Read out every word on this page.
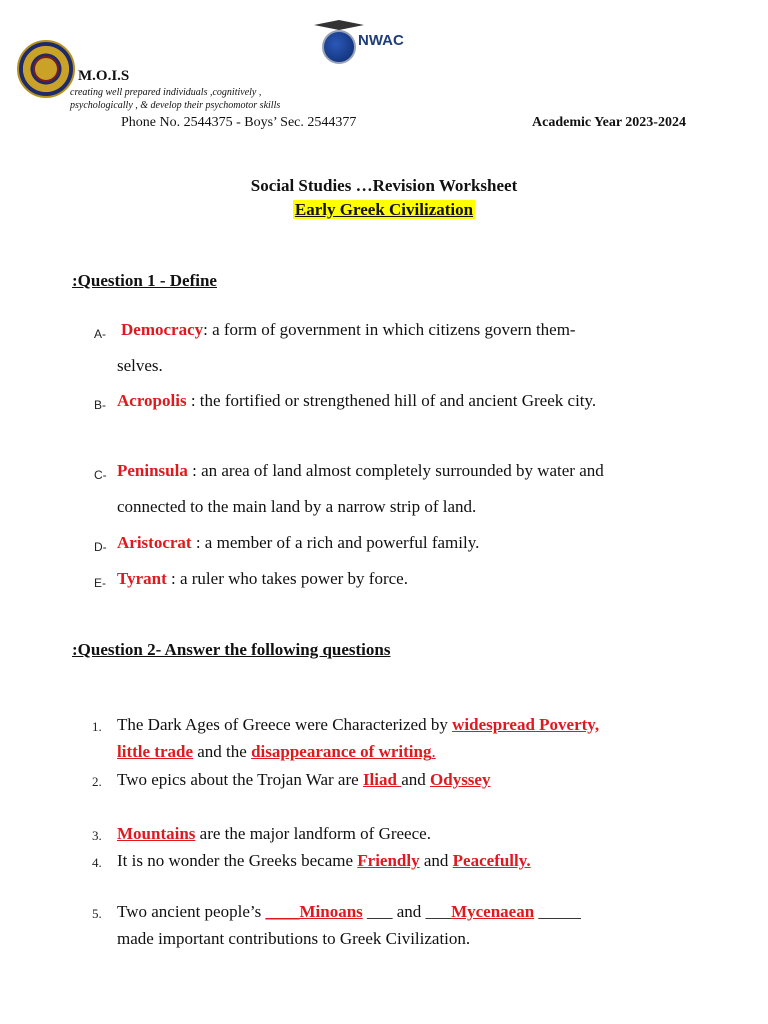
M.O.I.S
creating well prepared individuals ,cognitively ,
psychologically , & develop their psychomotor skills
NWAC
Phone No. 2544375 - Boys’ Sec. 2544377	Academic Year 2023-2024
Social Studies …Revision Worksheet
Early Greek Civilization
:Question 1 - Define
A- Democracy: a form of government in which citizens govern them-
selves.
B- Acropolis : the fortified or strengthened hill of and ancient Greek city.
C- Peninsula : an area of land almost completely surrounded by water and
connected to the main land by a narrow strip of land.
D- Aristocrat : a member of a rich and powerful family.
E- Tyrant : a ruler who takes power by force.
:Question 2- Answer the following questions
1. The Dark Ages of Greece were Characterized by widespread Poverty,
little trade and the disappearance of writing.
2. Two epics about the Trojan War are Iliad and Odyssey
3. Mountains are the major landform of Greece.
4. It is no wonder the Greeks became Friendly and Peacefully.
5. Two ancient people’s ____Minoans ___ and ___Mycenaean _____
made important contributions to Greek Civilization.
